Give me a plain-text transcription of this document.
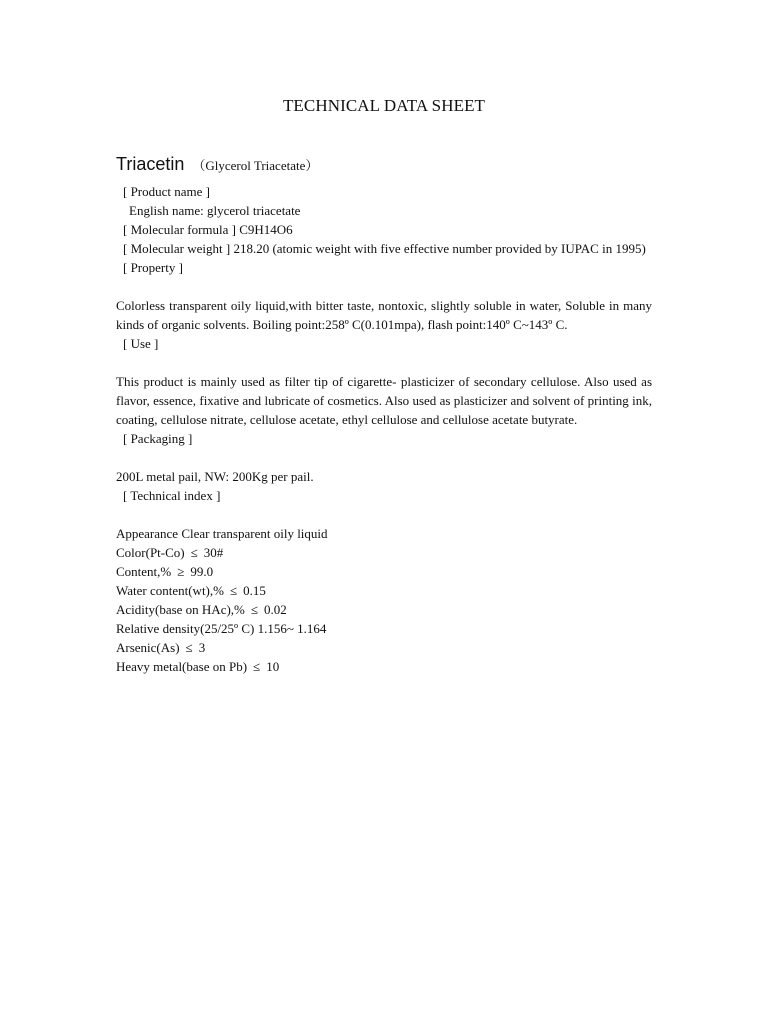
TECHNICAL DATA SHEET
Triacetin （Glycerol Triacetate）
[ Product name ]
English name: glycerol triacetate
[ Molecular formula ] C9H14O6
[ Molecular weight ] 218.20 (atomic weight with five effective number provided by IUPAC in 1995)
[ Property ]
Colorless transparent oily liquid,with bitter taste, nontoxic, slightly soluble in water, Soluble in many kinds of organic solvents. Boiling point:258º C(0.101mpa), flash point:140º C~143º C.
[ Use ]
This product is mainly used as filter tip of cigarette- plasticizer of secondary cellulose. Also used as flavor, essence, fixative and lubricate of cosmetics. Also used as plasticizer and solvent of printing ink, coating, cellulose nitrate, cellulose acetate, ethyl cellulose and cellulose acetate butyrate.
[ Packaging ]
200L metal pail, NW: 200Kg per pail.
[ Technical index ]
Appearance Clear transparent oily liquid
Color(Pt-Co) ≤ 30#
Content,% ≥ 99.0
Water content(wt),% ≤ 0.15
Acidity(base on HAc),% ≤ 0.02
Relative density(25/25º C) 1.156~ 1.164
Arsenic(As) ≤ 3
Heavy metal(base on Pb) ≤ 10
